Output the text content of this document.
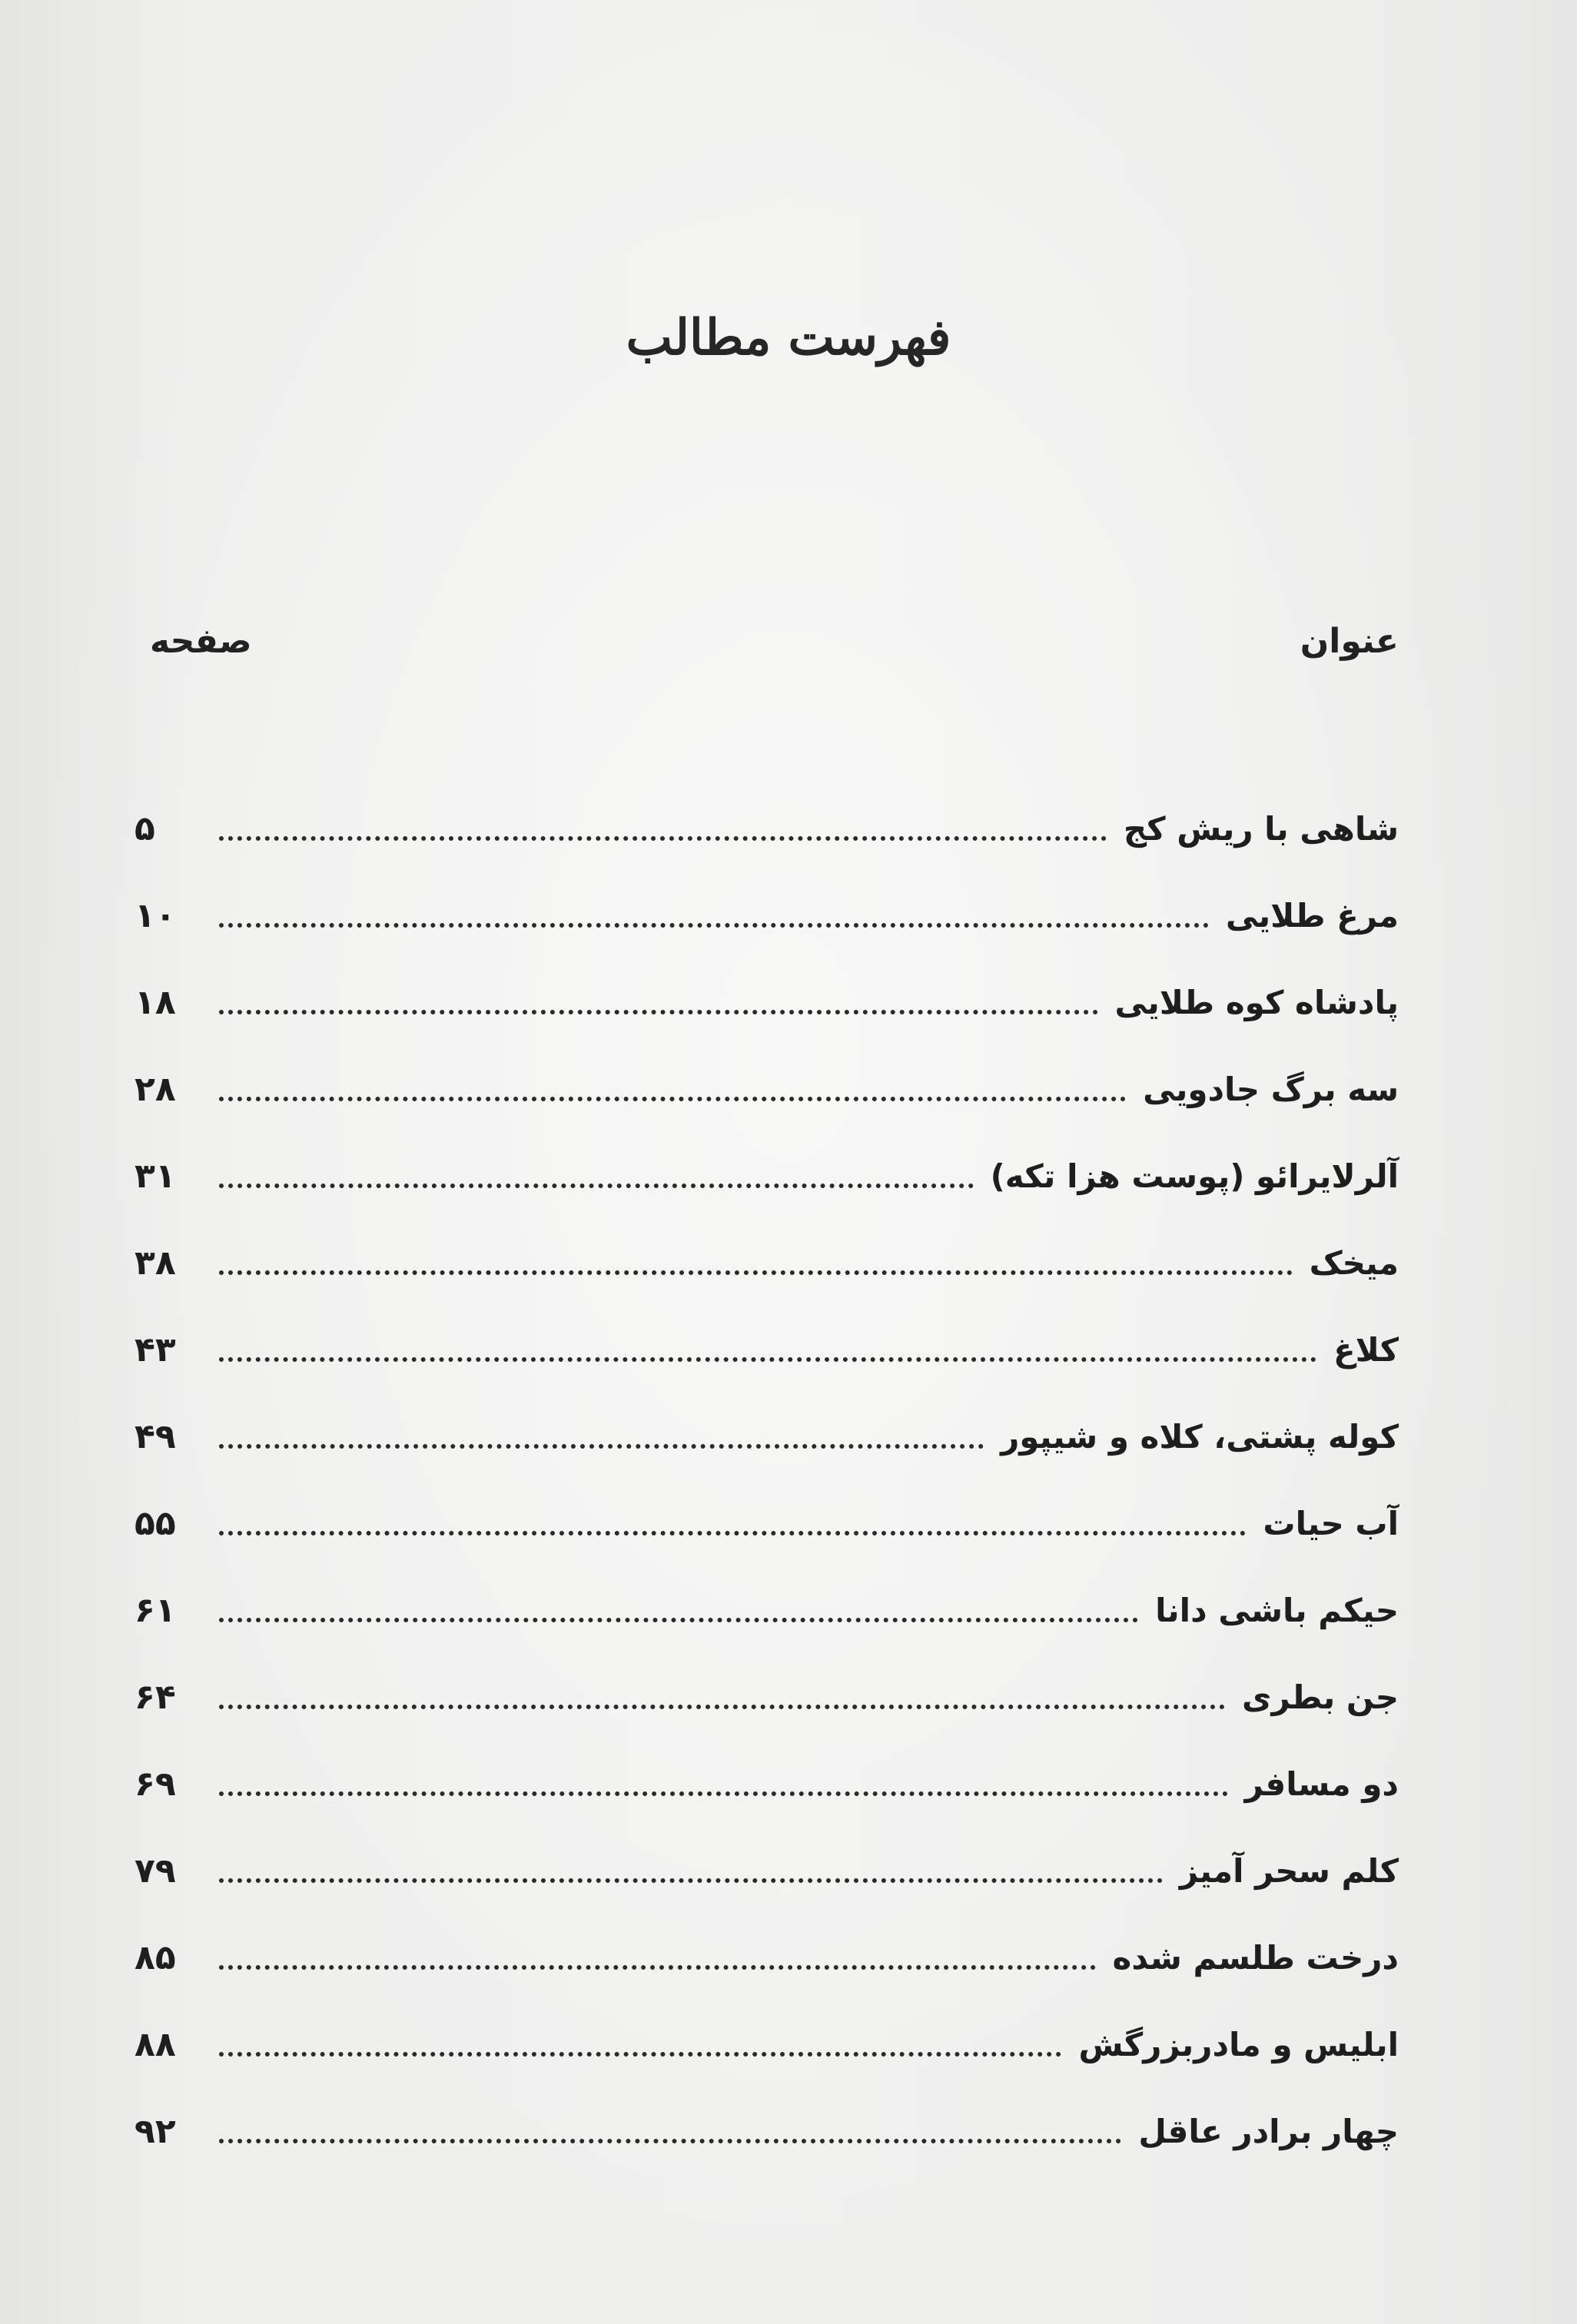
فهرست مطالب
عنوان
صفحه
شاهی با ریش کج
۵
مرغ طلایی
۱۰
پادشاه کوه طلایی
۱۸
سه برگ جادویی
۲۸
آلرلایرائو (پوست هزا تکه)
۳۱
میخک
۳۸
کلاغ
۴۳
کوله پشتی، کلاه و شیپور
۴۹
آب حیات
۵۵
حیکم باشی دانا
۶۱
جن بطری
۶۴
دو مسافر
۶۹
کلم سحر آمیز
۷۹
درخت طلسم شده
۸۵
ابلیس و مادربزرگش
۸۸
چهار برادر عاقل
۹۲
